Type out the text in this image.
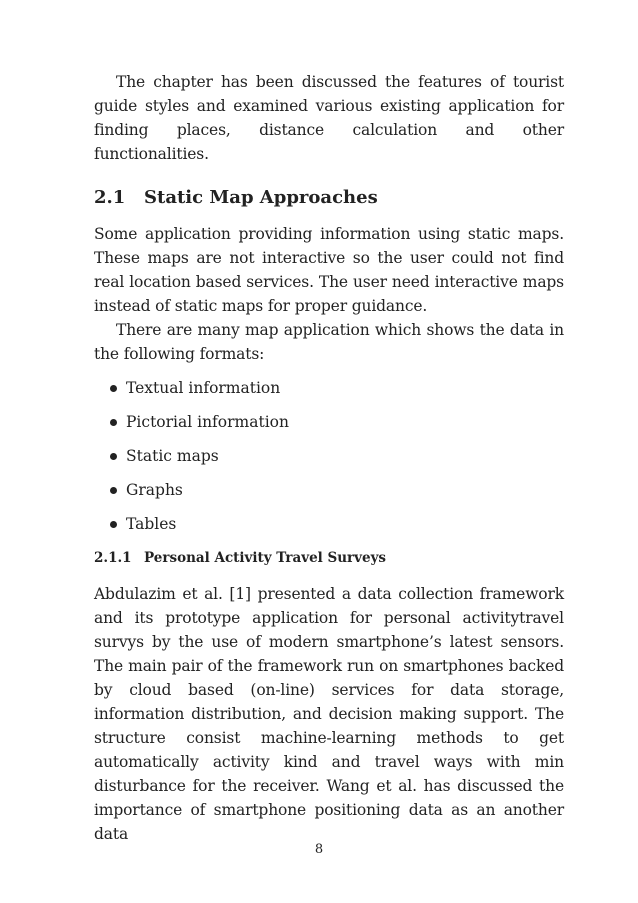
The chapter has been discussed the features of tourist guide styles and examined various existing application for finding places, distance calculation and other functionalities.

2.1	Static Map Approaches

Some application providing information using static maps. These maps are not interactive so the user could not find real location based services. The user need interactive maps instead of static maps for proper guidance.

There are many map application which shows the data in the following formats:

Textual information
Pictorial information
Static maps
Graphs
Tables
2.1.1 Personal Activity Travel Surveys

Abdulazim et al. [1] presented a data collection framework and its prototype application for personal activitytravel survys by the use of modern smartphone’s latest sensors. The main pair of the framework run on smartphones backed by cloud based (on-line) services for data storage, information distribution, and decision making support. The structure consist machine-learning methods to get automatically activity kind and travel ways with min disturbance for the receiver. Wang et al. has discussed the importance of smartphone positioning data as an another data

8
